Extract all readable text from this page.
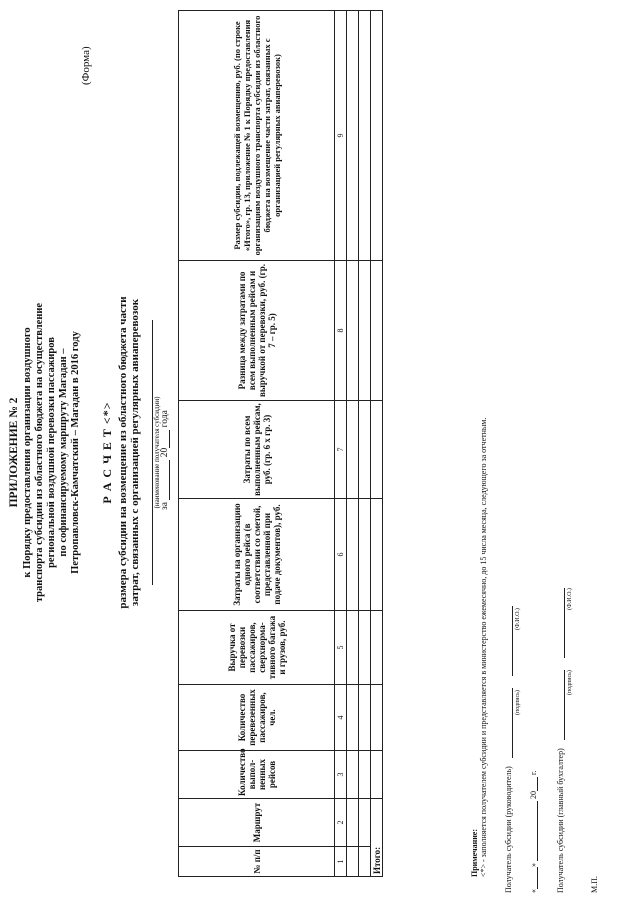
ПРИЛОЖЕНИЕ № 2 к Порядку предоставления организации воздушного транспорта субсидии из областного бюджета на осуществление региональной воздушной перевозки пассажиров по софинансируемому маршруту Магадан – Петропавловск-Камчатский – Магадан в 2016 году
(Форма)
Р А С Ч Е Т <*> размера субсидии на возмещение из областного бюджета части затрат, связанных с организацией регулярных авиаперевозок (наименование получателя субсидии) за  20 года
№ п/п	Маршрут	Количество выпол-ненных рейсов	Количество перевезенных пассажиров, чел.	Выручка от перевозки пассажиров, сверхнорма-тивного багажа и грузов, руб.	Затраты на организацию одного рейса (в соответствии со сметой, представленной при подаче документов), руб.	Затраты по всем выполненным рейсам, руб. (гр. 6 х гр. 3)	Разница между затратами по всем выполненным рейсам и выручкой от перевозки, руб. (гр. 7 – гр. 5)	Размер субсидии, подлежащей возмещению, руб. (по строке «Итого», гр. 13, приложение № 1 к Порядку предоставления организациям воздушного транспорта субсидии из областного бюджета на возмещение части затрат, связанных с организацией регулярных авиаперевозок)
1	2	3	4	5	6	7	8	9

Итого:									Примечание: <*> - заполняется получателем субсидии и представляется в министерство ежемесячно, до 15 числа месяца, следующего за отчетным. Получатель субсидии (руководитель)
(подпись)
(Ф.И.О.)
«»  20 г. Получатель субсидии (главный бухгалтер)
(подпись)
(Ф.И.О.)
М.П.
